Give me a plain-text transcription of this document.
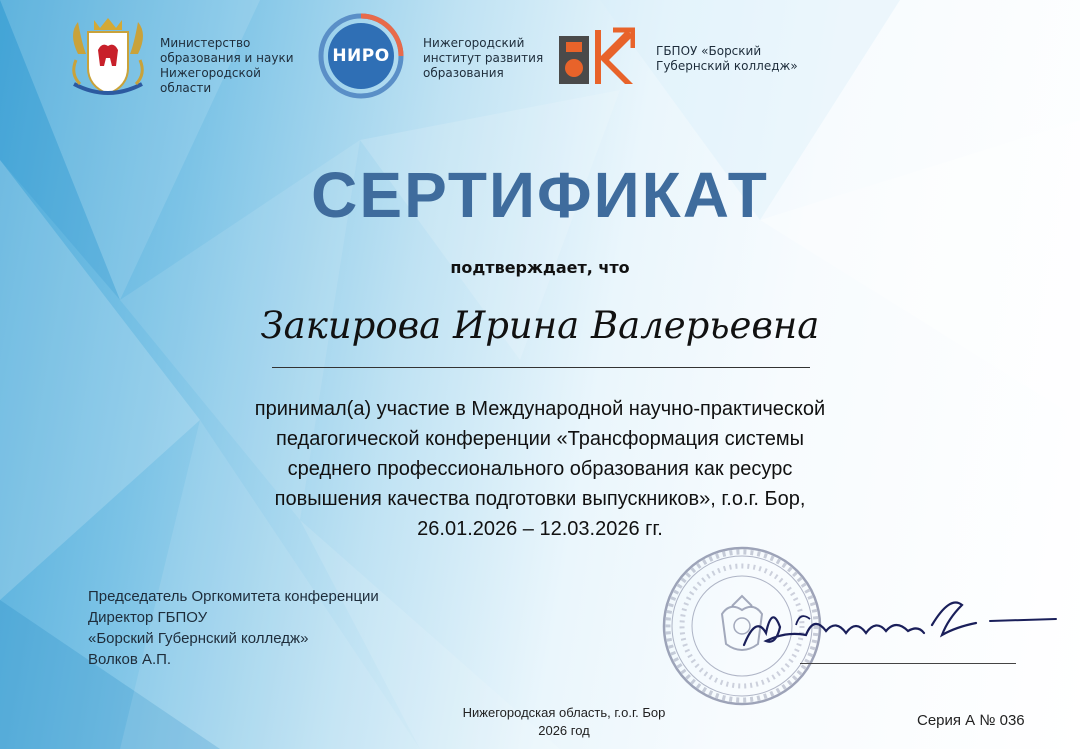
Министерство
образования и науки
Нижегородской
области
НИРО
Нижегородский
институт развития
образования
ГБПОУ «Борский
Губернский колледж»
СЕРТИФИКАТ
подтверждает, что
Закирова Ирина Валерьевна
принимал(а) участие в Международной научно-практической
педагогической конференции «Трансформация системы
среднего профессионального образования как ресурс
повышения качества подготовки выпускников», г.о.г. Бор,
26.01.2026 – 12.03.2026 гг.
Председатель Оргкомитета конференции
Директор ГБПОУ
«Борский Губернский колледж»
Волков А.П.
Нижегородская область, г.о.г. Бор
2026 год
Серия А № 036
